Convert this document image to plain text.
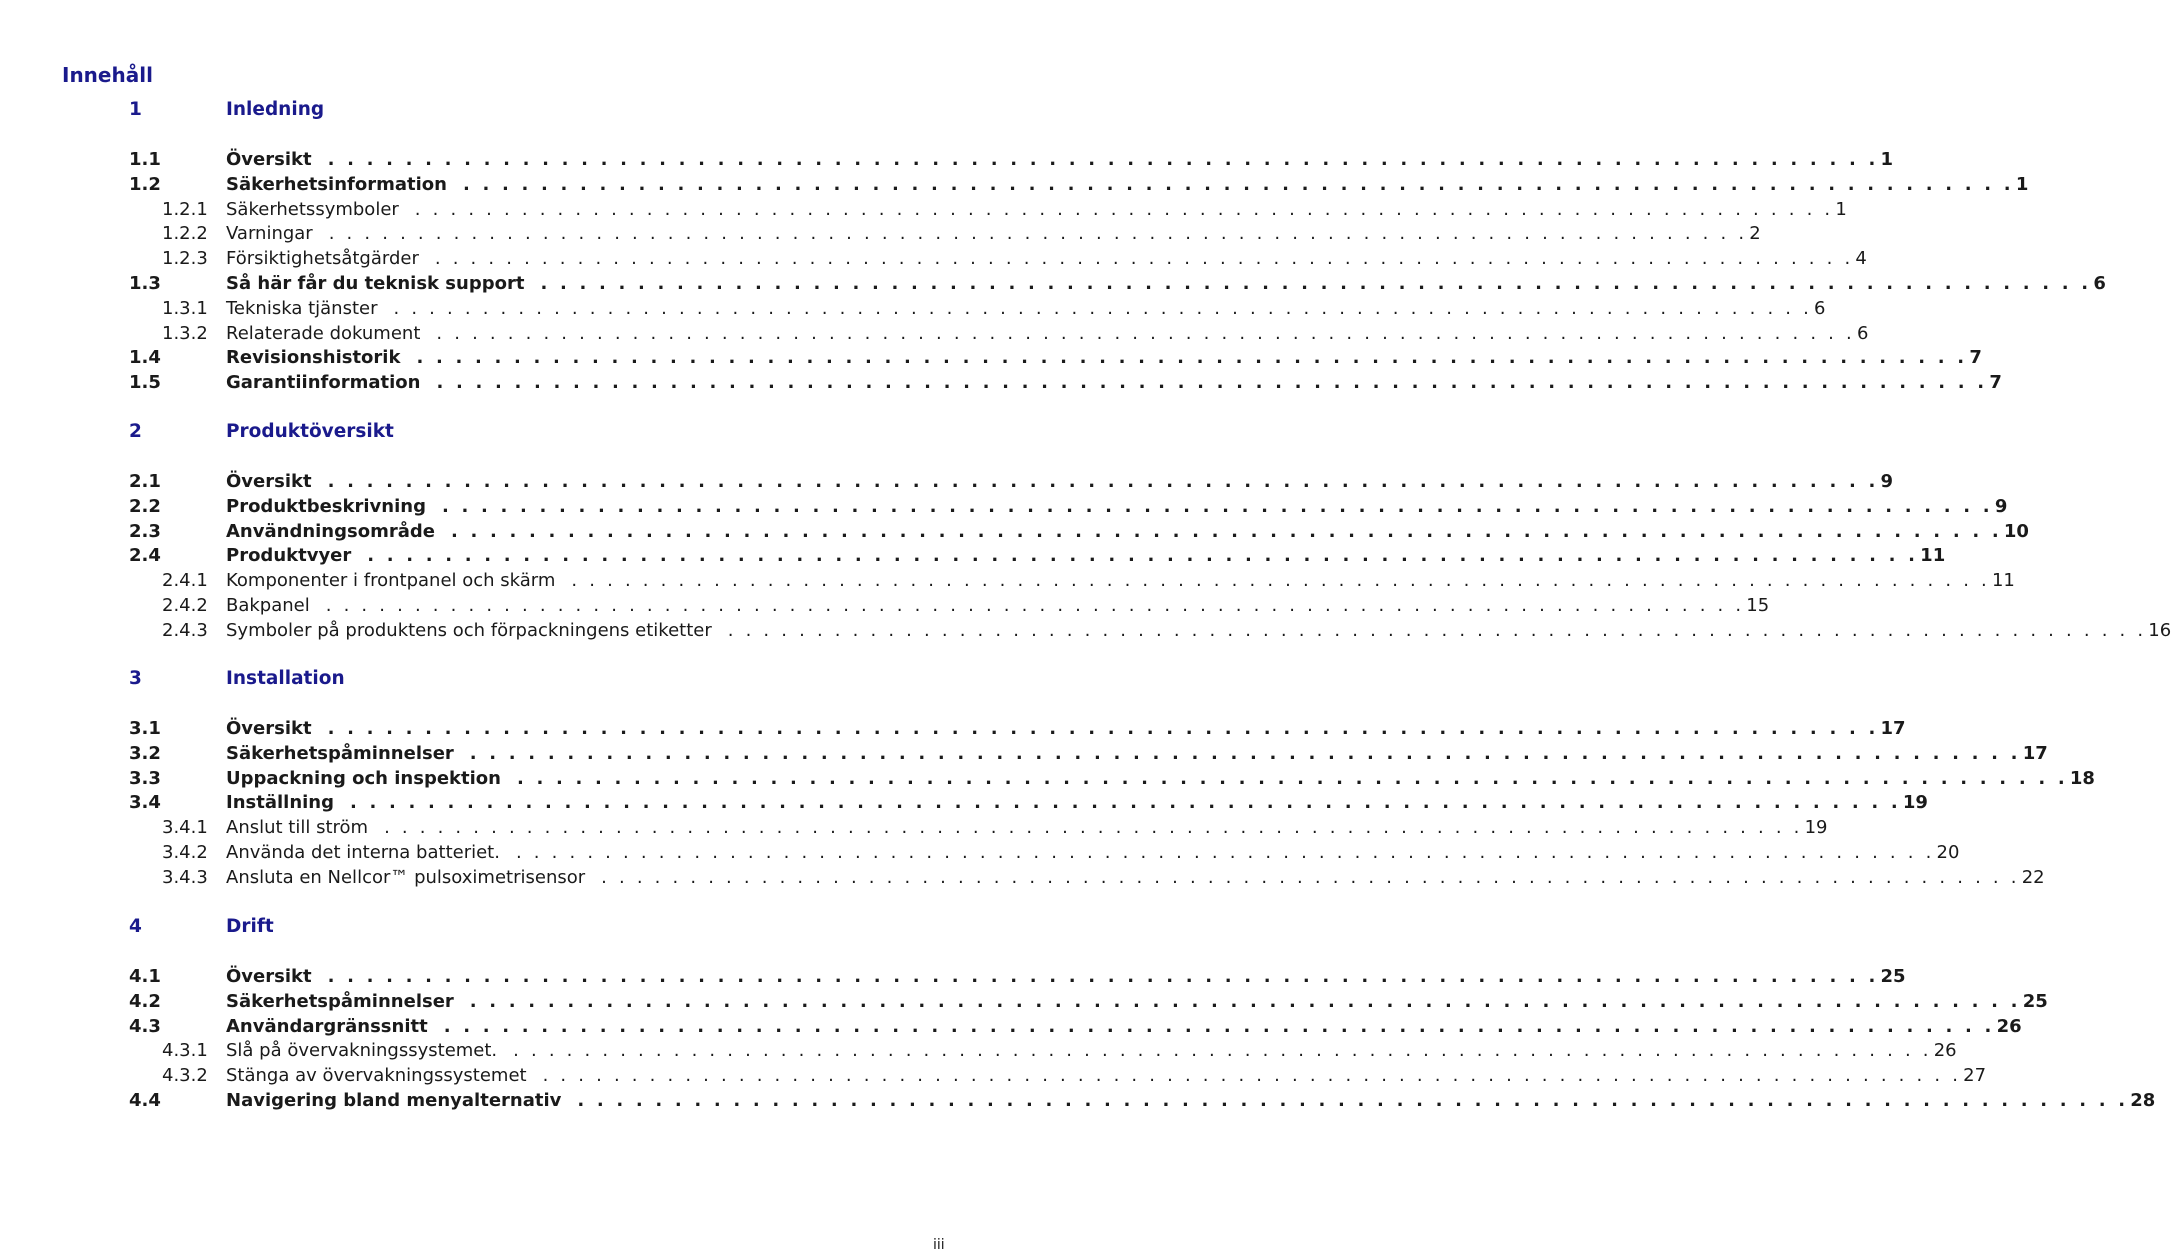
Innehåll
1	Inledning
1.1	Översikt . . . . . . . . . . . . . . . . . . . . . . . . . . . . . . . . . . . . . . . . . . . . . . . . . . . . . . . . . . . . . . . . . . . . . . . . . . . . . . . . 1
1.2	Säkerhetsinformation . . . . . . . . . . . . . . . . . . . . . . . . . . . . . . . . . . . . . . . . . . . . . . . . . . . . . . . . . . . . . . . . . . . . . . . . . . . . . . . . 1
1.2.1 Säkerhetssymboler . . . . . . . . . . . . . . . . . . . . . . . . . . . . . . . . . . . . . . . . . . . . . . . . . . . . . . . . . . . . . . . . . . . . . . . . . . . . . . . . 1
1.2.2 Varningar . . . . . . . . . . . . . . . . . . . . . . . . . . . . . . . . . . . . . . . . . . . . . . . . . . . . . . . . . . . . . . . . . . . . . . . . . . . . . . . . 2
1.2.3 Försiktighetsåtgärder . . . . . . . . . . . . . . . . . . . . . . . . . . . . . . . . . . . . . . . . . . . . . . . . . . . . . . . . . . . . . . . . . . . . . . . . . . . . . . . . 4
1.3	Så här får du teknisk support . . . . . . . . . . . . . . . . . . . . . . . . . . . . . . . . . . . . . . . . . . . . . . . . . . . . . . . . . . . . . . . . . . . . . . . . . . . . . . . . 6
1.3.1 Tekniska tjänster . . . . . . . . . . . . . . . . . . . . . . . . . . . . . . . . . . . . . . . . . . . . . . . . . . . . . . . . . . . . . . . . . . . . . . . . . . . . . . . . 6
1.3.2 Relaterade dokument . . . . . . . . . . . . . . . . . . . . . . . . . . . . . . . . . . . . . . . . . . . . . . . . . . . . . . . . . . . . . . . . . . . . . . . . . . . . . . . . 6
1.4	Revisionshistorik . . . . . . . . . . . . . . . . . . . . . . . . . . . . . . . . . . . . . . . . . . . . . . . . . . . . . . . . . . . . . . . . . . . . . . . . . . . . . . . . 7
1.5	Garantiinformation . . . . . . . . . . . . . . . . . . . . . . . . . . . . . . . . . . . . . . . . . . . . . . . . . . . . . . . . . . . . . . . . . . . . . . . . . . . . . . . . 7
2	Produktöversikt
2.1	Översikt . . . . . . . . . . . . . . . . . . . . . . . . . . . . . . . . . . . . . . . . . . . . . . . . . . . . . . . . . . . . . . . . . . . . . . . . . . . . . . . . 9
2.2	Produktbeskrivning . . . . . . . . . . . . . . . . . . . . . . . . . . . . . . . . . . . . . . . . . . . . . . . . . . . . . . . . . . . . . . . . . . . . . . . . . . . . . . . . 9
2.3	Användningsområde . . . . . . . . . . . . . . . . . . . . . . . . . . . . . . . . . . . . . . . . . . . . . . . . . . . . . . . . . . . . . . . . . . . . . . . . . . . . . . . . 10
2.4	Produktvyer . . . . . . . . . . . . . . . . . . . . . . . . . . . . . . . . . . . . . . . . . . . . . . . . . . . . . . . . . . . . . . . . . . . . . . . . . . . . . . . . 11
2.4.1 Komponenter i frontpanel och skärm . . . . . . . . . . . . . . . . . . . . . . . . . . . . . . . . . . . . . . . . . . . . . . . . . . . . . . . . . . . . . . . . . . . . . . . . . . . . . . . . 11
2.4.2 Bakpanel . . . . . . . . . . . . . . . . . . . . . . . . . . . . . . . . . . . . . . . . . . . . . . . . . . . . . . . . . . . . . . . . . . . . . . . . . . . . . . . . 15
2.4.3 Symboler på produktens och förpackningens etiketter . . . . . . . . . . . . . . . . . . . . . . . . . . . . . . . . . . . . . . . . . . . . . . . . . . . . . . . . . . . . . . . . . . . . . . . . . . . . . . . . 16
3	Installation
3.1	Översikt . . . . . . . . . . . . . . . . . . . . . . . . . . . . . . . . . . . . . . . . . . . . . . . . . . . . . . . . . . . . . . . . . . . . . . . . . . . . . . . . 17
3.2	Säkerhetspåminnelser . . . . . . . . . . . . . . . . . . . . . . . . . . . . . . . . . . . . . . . . . . . . . . . . . . . . . . . . . . . . . . . . . . . . . . . . . . . . . . . . 17
3.3	Uppackning och inspektion . . . . . . . . . . . . . . . . . . . . . . . . . . . . . . . . . . . . . . . . . . . . . . . . . . . . . . . . . . . . . . . . . . . . . . . . . . . . . . . . 18
3.4	Inställning . . . . . . . . . . . . . . . . . . . . . . . . . . . . . . . . . . . . . . . . . . . . . . . . . . . . . . . . . . . . . . . . . . . . . . . . . . . . . . . . 19
3.4.1 Anslut till ström . . . . . . . . . . . . . . . . . . . . . . . . . . . . . . . . . . . . . . . . . . . . . . . . . . . . . . . . . . . . . . . . . . . . . . . . . . . . . . . . 19
3.4.2 Använda det interna batteriet. . . . . . . . . . . . . . . . . . . . . . . . . . . . . . . . . . . . . . . . . . . . . . . . . . . . . . . . . . . . . . . . . . . . . . . . . . . . . . . . . 20
3.4.3 Ansluta en Nellcor™ pulsoximetrisensor . . . . . . . . . . . . . . . . . . . . . . . . . . . . . . . . . . . . . . . . . . . . . . . . . . . . . . . . . . . . . . . . . . . . . . . . . . . . . . . . 22
4	Drift
4.1	Översikt . . . . . . . . . . . . . . . . . . . . . . . . . . . . . . . . . . . . . . . . . . . . . . . . . . . . . . . . . . . . . . . . . . . . . . . . . . . . . . . . 25
4.2	Säkerhetspåminnelser . . . . . . . . . . . . . . . . . . . . . . . . . . . . . . . . . . . . . . . . . . . . . . . . . . . . . . . . . . . . . . . . . . . . . . . . . . . . . . . . 25
4.3	Användargränssnitt . . . . . . . . . . . . . . . . . . . . . . . . . . . . . . . . . . . . . . . . . . . . . . . . . . . . . . . . . . . . . . . . . . . . . . . . . . . . . . . . 26
4.3.1 Slå på övervakningssystemet. . . . . . . . . . . . . . . . . . . . . . . . . . . . . . . . . . . . . . . . . . . . . . . . . . . . . . . . . . . . . . . . . . . . . . . . . . . . . . . . . 26
4.3.2 Stänga av övervakningssystemet . . . . . . . . . . . . . . . . . . . . . . . . . . . . . . . . . . . . . . . . . . . . . . . . . . . . . . . . . . . . . . . . . . . . . . . . . . . . . . . . 27
4.4	Navigering bland menyalternativ . . . . . . . . . . . . . . . . . . . . . . . . . . . . . . . . . . . . . . . . . . . . . . . . . . . . . . . . . . . . . . . . . . . . . . . . . . . . . . . . 28
iii
